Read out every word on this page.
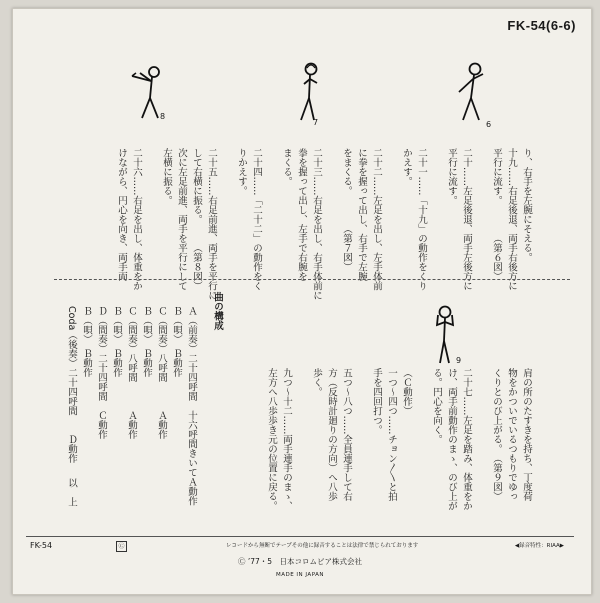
FK-54(6-6)
8
7	6
り、右手を左腕にそえる。
十九……右足後退、両手右後方に
平行に流す。　　　　（第６図）

二十……左足後退、両手左後方に
平行に流す。

二十一……「十九」の動作をくり
かえす。

二十二……左足を出し、左手体前
に拳を握って出し、右手で左腕
をまくる。　　　　（第７図）

二十三……右足を出し、右手体前に
拳を握って出し、左手で右腕を
まくる。

二十四……「二十二」の動作をく
りかえす。

二十五……右足前進、両手を平行に
して右横に振る。　　　
次に左足前進、両手を平行にして
左横に振る。

二十六……右足を出し、体重をか
けながら、円心を向き、両手両
9
肩の所のたすきを持ち、丁度荷
物をかついでいるつもりでゆっ
くりとのび上がる。　（第９図）

二十七……左足を踏み、体重をか
け、両手前動作のまゝ、のび上が
る。円心を向く。

（Ｃ動作）
一つ～四つ……チョン〳〵と拍
手を四回打つ。

五つ～八つ……全員連手して右
方（反時計廻りの方向）へ八歩
歩く。

九つ～十二……両手連手のまゝ、
左方へ八歩歩き元の位置に戻る。
曲の構成
Ａ（前奏）二十四呼間　十六呼間きいてＡ動作
Ｂ（唄）　Ｂ動作
Ｃ（間奏）八呼間　　　Ａ動作
Ｂ（唄）　Ｂ動作
Ｃ（間奏）八呼間　　　Ａ動作
Ｂ（唄）　Ｂ動作
Ｄ（間奏）二十四呼間　Ｃ動作
Ｂ（唄）　Ｂ動作
Coda（後奏）二十四呼間　　Ｄ動作
以　上
FK-54	Ⓒ	レコードから無断でテープその他に録音することは法律で禁じられております	◀録音特性：RIAA▶
Ⓒ ’77・5　日本コロムビア株式会社
MADE IN JAPAN
